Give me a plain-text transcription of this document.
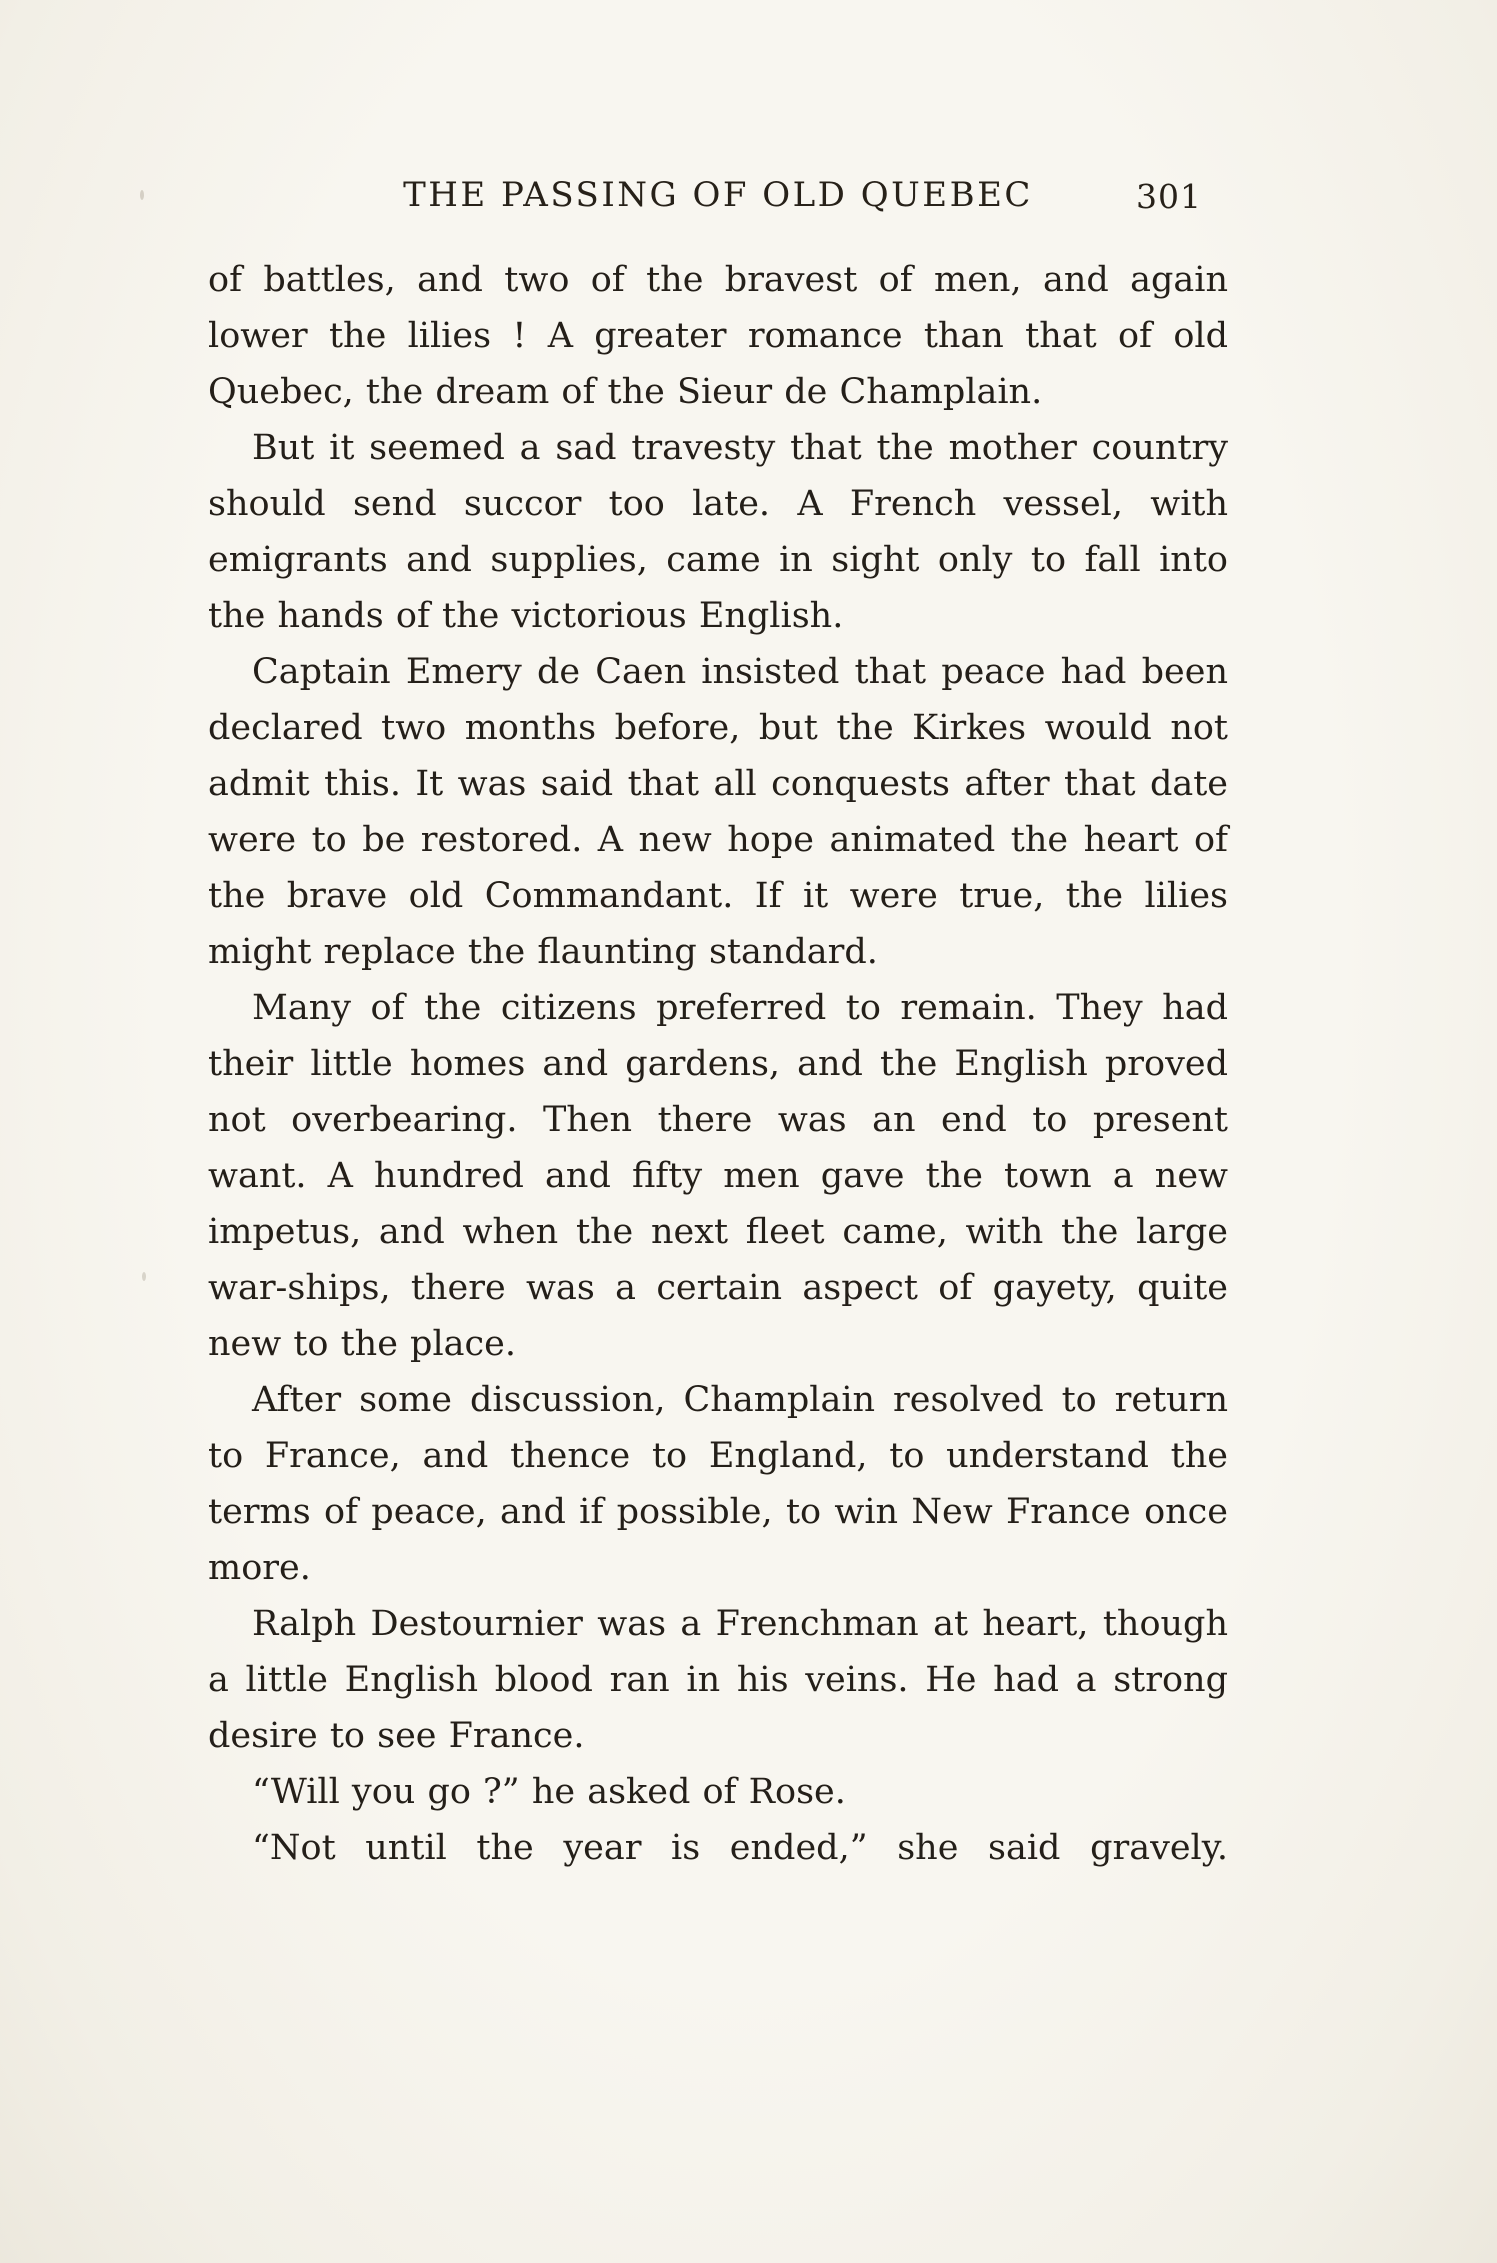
THE PASSING OF OLD QUEBEC	301

of battles, and two of the bravest of men, and again lower the lilies ! A greater romance than that of old Quebec, the dream of the Sieur de Champlain.

But it seemed a sad travesty that the mother country should send succor too late. A French vessel, with emigrants and supplies, came in sight only to fall into the hands of the victorious English.

Captain Emery de Caen insisted that peace had been declared two months before, but the Kirkes would not admit this. It was said that all conquests after that date were to be restored. A new hope animated the heart of the brave old Commandant. If it were true, the lilies might replace the flaunting standard.

Many of the citizens preferred to remain. They had their little homes and gardens, and the English proved not overbearing. Then there was an end to present want. A hundred and fifty men gave the town a new impetus, and when the next fleet came, with the large war-ships, there was a certain aspect of gayety, quite new to the place.

After some discussion, Champlain resolved to return to France, and thence to England, to understand the terms of peace, and if possible, to win New France once more.

Ralph Destournier was a Frenchman at heart, though a little English blood ran in his veins. He had a strong desire to see France.

“Will you go ?” he asked of Rose.

“Not until the year is ended,” she said gravely.
